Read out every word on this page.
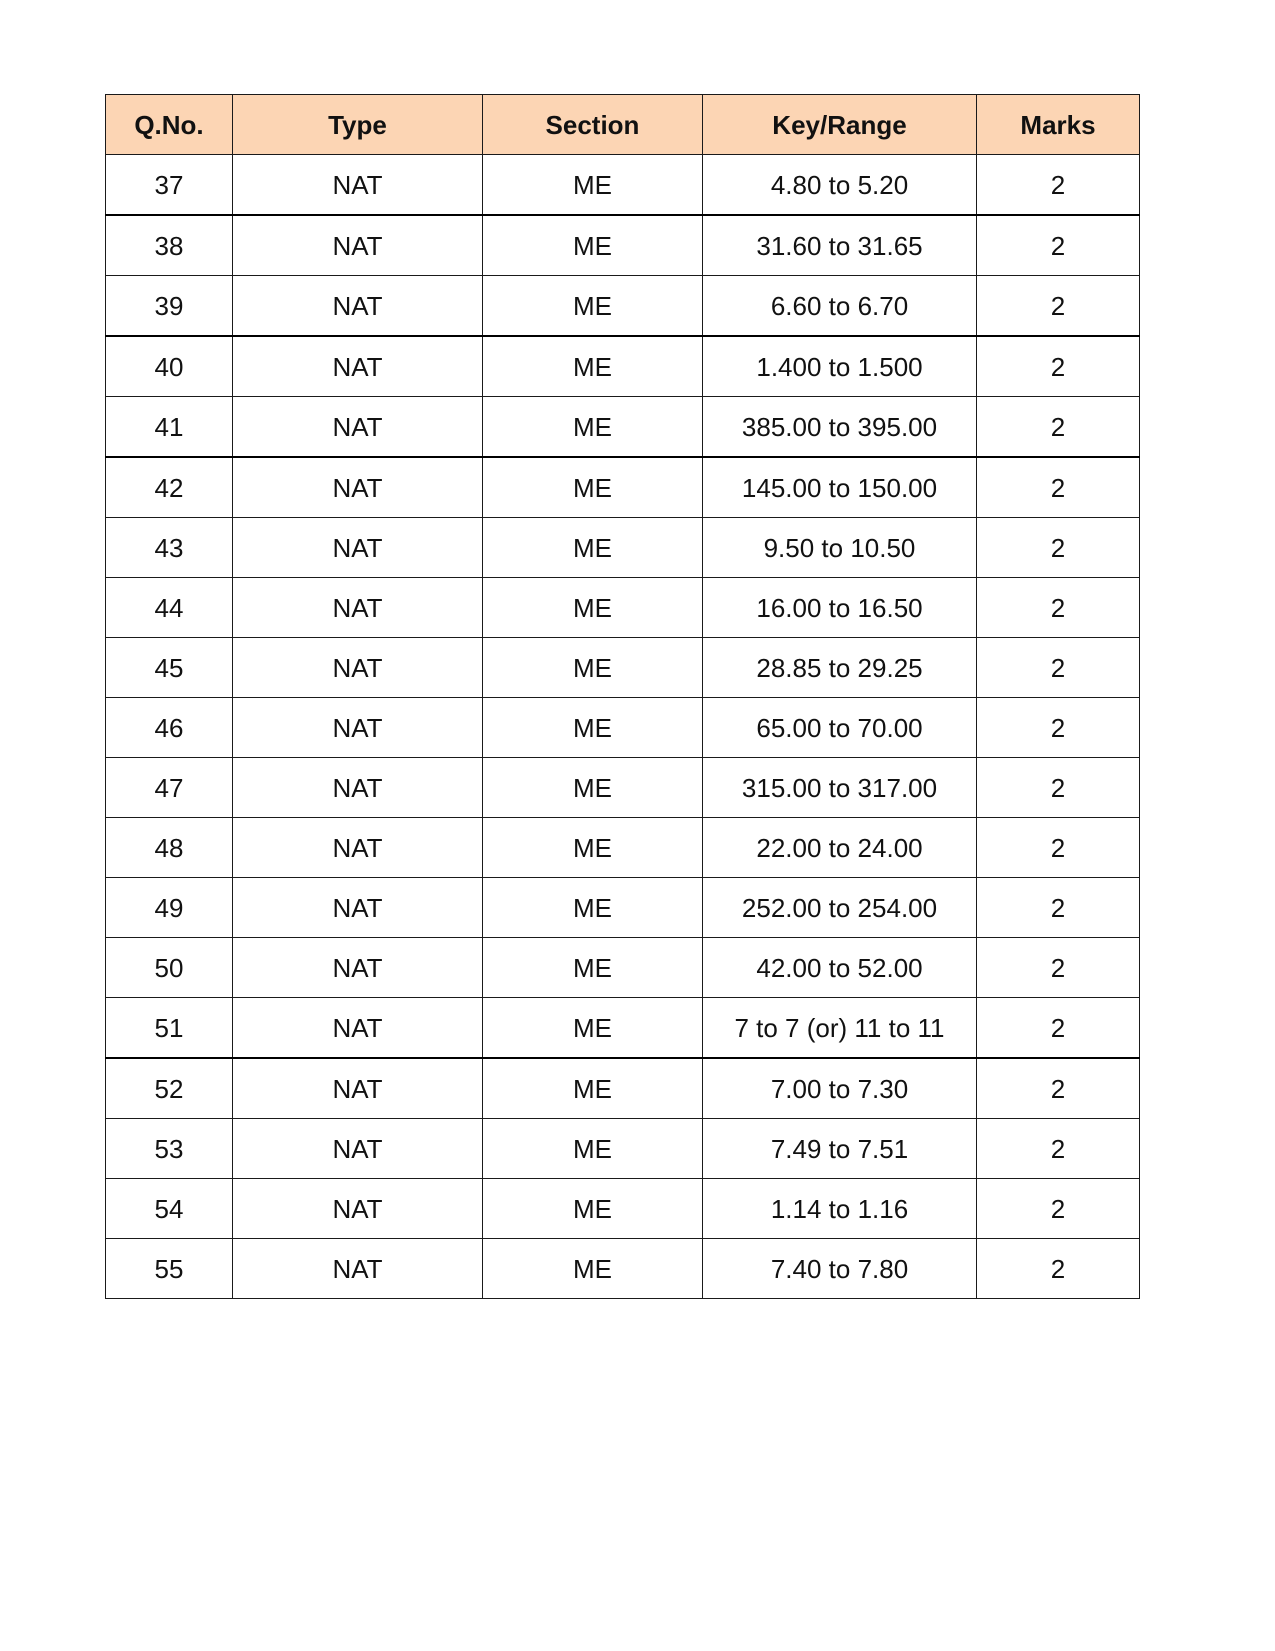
Q.No.	Type	Section	Key/Range	Marks
37	NAT	ME	4.80 to 5.20	2
38	NAT	ME	31.60 to 31.65	2
39	NAT	ME	6.60 to 6.70	2
40	NAT	ME	1.400 to 1.500	2
41	NAT	ME	385.00 to 395.00	2
42	NAT	ME	145.00 to 150.00	2
43	NAT	ME	9.50 to 10.50	2
44	NAT	ME	16.00 to 16.50	2
45	NAT	ME	28.85 to 29.25	2
46	NAT	ME	65.00 to 70.00	2
47	NAT	ME	315.00 to 317.00	2
48	NAT	ME	22.00 to 24.00	2
49	NAT	ME	252.00 to 254.00	2
50	NAT	ME	42.00 to 52.00	2
51	NAT	ME	7 to 7 (or) 11 to 11	2
52	NAT	ME	7.00 to 7.30	2
53	NAT	ME	7.49 to 7.51	2
54	NAT	ME	1.14 to 1.16	2
55	NAT	ME	7.40 to 7.80	2
